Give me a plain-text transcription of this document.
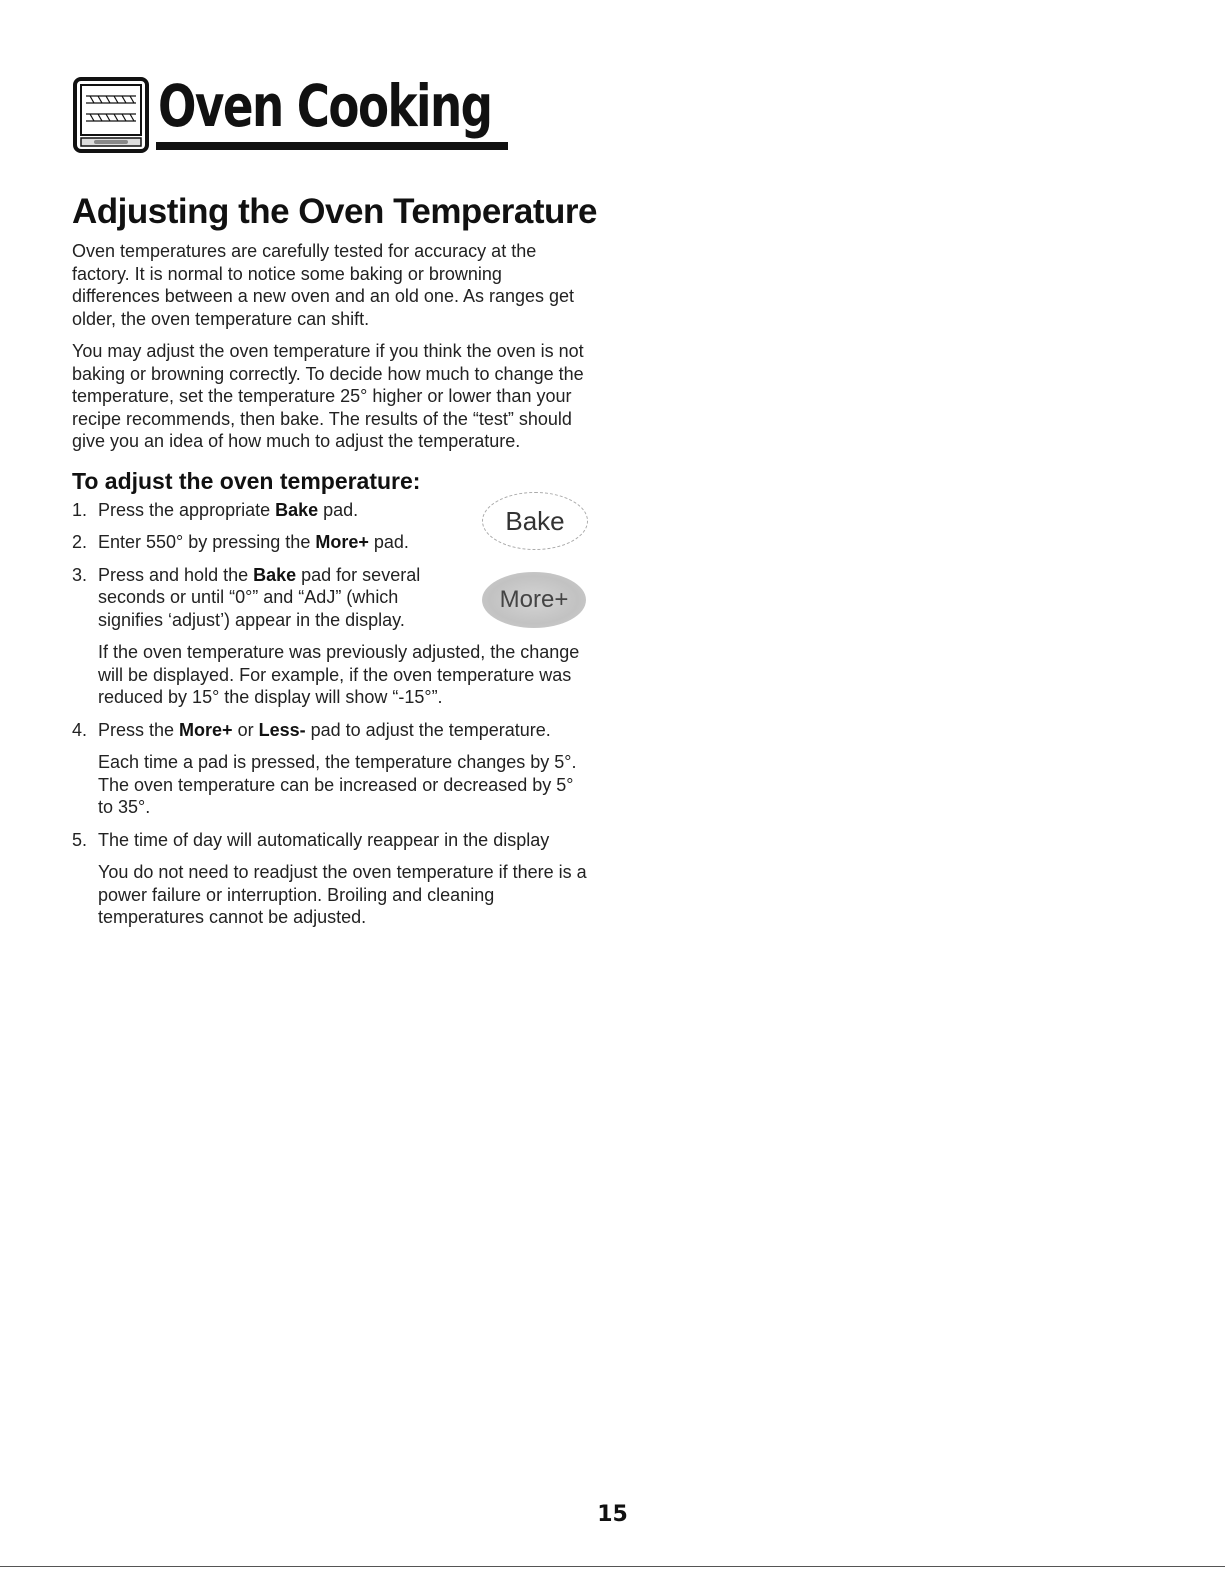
Oven Cooking
Adjusting the Oven Temperature

Oven temperatures are carefully tested for accuracy at the factory. It is normal to notice some baking or browning differences between a new oven and an old one. As ranges get older, the oven temperature can shift.

You may adjust the oven temperature if you think the oven is not baking or browning correctly. To decide how much to change the temperature, set the temperature 25° higher or lower than your recipe recommends, then bake. The results of the “test” should give you an idea of how much to adjust the temperature.

To adjust the oven temperature:
1. Press the appropriate Bake pad.
2. Enter 550° by pressing the More+ pad.
3. Press and hold the Bake pad for several seconds or until “0°” and “AdJ” (which signifies ‘adjust’) appear in the display.
If the oven temperature was previously adjusted, the change will be displayed. For example, if the oven temperature was reduced by 15° the display will show “-15°”.
4. Press the More+ or Less- pad to adjust the temperature.
Each time a pad is pressed, the temperature changes by 5°. The oven temperature can be increased or decreased by 5° to 35°.
5. The time of day will automatically reappear in the display
You do not need to readjust the oven temperature if there is a power failure or interruption. Broiling and cleaning temperatures cannot be adjusted.
Bake
More+
15
